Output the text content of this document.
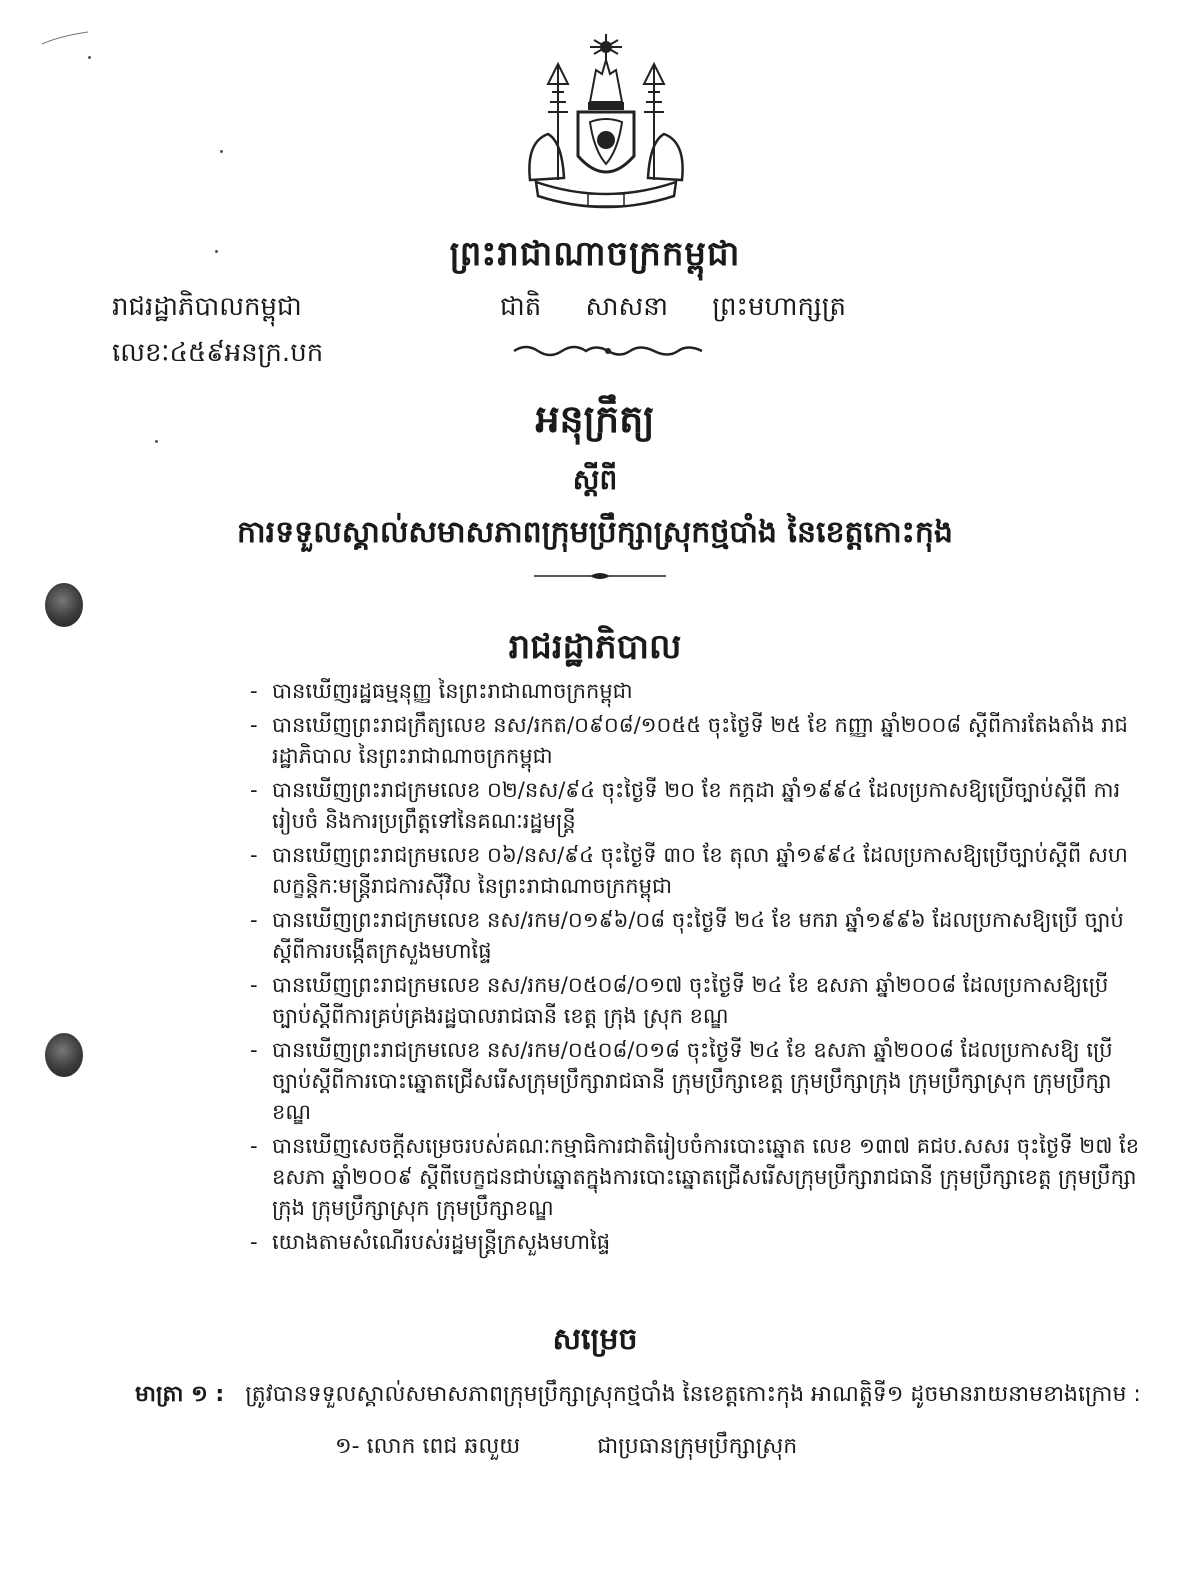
ព្រះរាជាណាចក្រកម្ពុជា
រាជរដ្ឋាភិបាលកម្ពុជា	ជាតិ សាសនា ព្រះមហាក្សត្រ
លេខៈ៤៥៩អនក្រ.បក
អនុក្រឹត្យ
ស្តីពី
ការទទួលស្គាល់សមាសភាពក្រុមប្រឹក្សាស្រុកថ្មបាំង នៃខេត្តកោះកុង
រាជរដ្ឋាភិបាល
- បានឃើញរដ្ឋធម្មនុញ្ញ នៃព្រះរាជាណាចក្រកម្ពុជា
- បានឃើញព្រះរាជក្រឹត្យលេខ នស/រកត/០៩០៨/១០៥៥ ចុះថ្ងៃទី ២៥ ខែ កញ្ញា ឆ្នាំ២០០៨ ស្តីពីការតែងតាំង រាជរដ្ឋាភិបាល នៃព្រះរាជាណាចក្រកម្ពុជា
- បានឃើញព្រះរាជក្រមលេខ ០២/នស/៩៤ ចុះថ្ងៃទី ២០ ខែ កក្កដា ឆ្នាំ១៩៩៤ ដែលប្រកាសឱ្យប្រើច្បាប់ស្តីពី ការរៀបចំ និងការប្រព្រឹត្តទៅនៃគណៈរដ្ឋមន្ត្រី
- បានឃើញព្រះរាជក្រមលេខ ០៦/នស/៩៤ ចុះថ្ងៃទី ៣០ ខែ តុលា ឆ្នាំ១៩៩៤ ដែលប្រកាសឱ្យប្រើច្បាប់ស្តីពី សហលក្ខន្តិកៈមន្ត្រីរាជការស៊ីវិល នៃព្រះរាជាណាចក្រកម្ពុជា
- បានឃើញព្រះរាជក្រមលេខ នស/រកម/០១៩៦/០៨ ចុះថ្ងៃទី ២៤ ខែ មករា ឆ្នាំ១៩៩៦ ដែលប្រកាសឱ្យប្រើ ច្បាប់ស្តីពីការបង្កើតក្រសួងមហាផ្ទៃ
- បានឃើញព្រះរាជក្រមលេខ នស/រកម/០៥០៨/០១៧ ចុះថ្ងៃទី ២៤ ខែ ឧសភា ឆ្នាំ២០០៨ ដែលប្រកាសឱ្យប្រើ ច្បាប់ស្តីពីការគ្រប់គ្រងរដ្ឋបាលរាជធានី ខេត្ត ក្រុង ស្រុក ខណ្ឌ
- បានឃើញព្រះរាជក្រមលេខ នស/រកម/០៥០៨/០១៨ ចុះថ្ងៃទី ២៤ ខែ ឧសភា ឆ្នាំ២០០៨ ដែលប្រកាសឱ្យ ប្រើច្បាប់ស្តីពីការបោះឆ្នោតជ្រើសរើសក្រុមប្រឹក្សារាជធានី ក្រុមប្រឹក្សាខេត្ត ក្រុមប្រឹក្សាក្រុង ក្រុមប្រឹក្សាស្រុក ក្រុមប្រឹក្សាខណ្ឌ
- បានឃើញសេចក្តីសម្រេចរបស់គណៈកម្មាធិការជាតិរៀបចំការបោះឆ្នោត លេខ ១៣៧ គជប.សសរ ចុះថ្ងៃទី ២៧ ខែ ឧសភា ឆ្នាំ២០០៩ ស្តីពីបេក្ខជនជាប់ឆ្នោតក្នុងការបោះឆ្នោតជ្រើសរើសក្រុមប្រឹក្សារាជធានី ក្រុមប្រឹក្សាខេត្ត ក្រុមប្រឹក្សាក្រុង ក្រុមប្រឹក្សាស្រុក ក្រុមប្រឹក្សាខណ្ឌ
- យោងតាមសំណើរបស់រដ្ឋមន្ត្រីក្រសួងមហាផ្ទៃ
សម្រេច
មាត្រា ១ : ត្រូវបានទទួលស្គាល់សមាសភាពក្រុមប្រឹក្សាស្រុកថ្មបាំង នៃខេត្តកោះកុង អាណត្តិទី១ ដូចមានរាយនាមខាងក្រោម :
១- លោក ពេជ ឆលួយ	ជាប្រធានក្រុមប្រឹក្សាស្រុក
